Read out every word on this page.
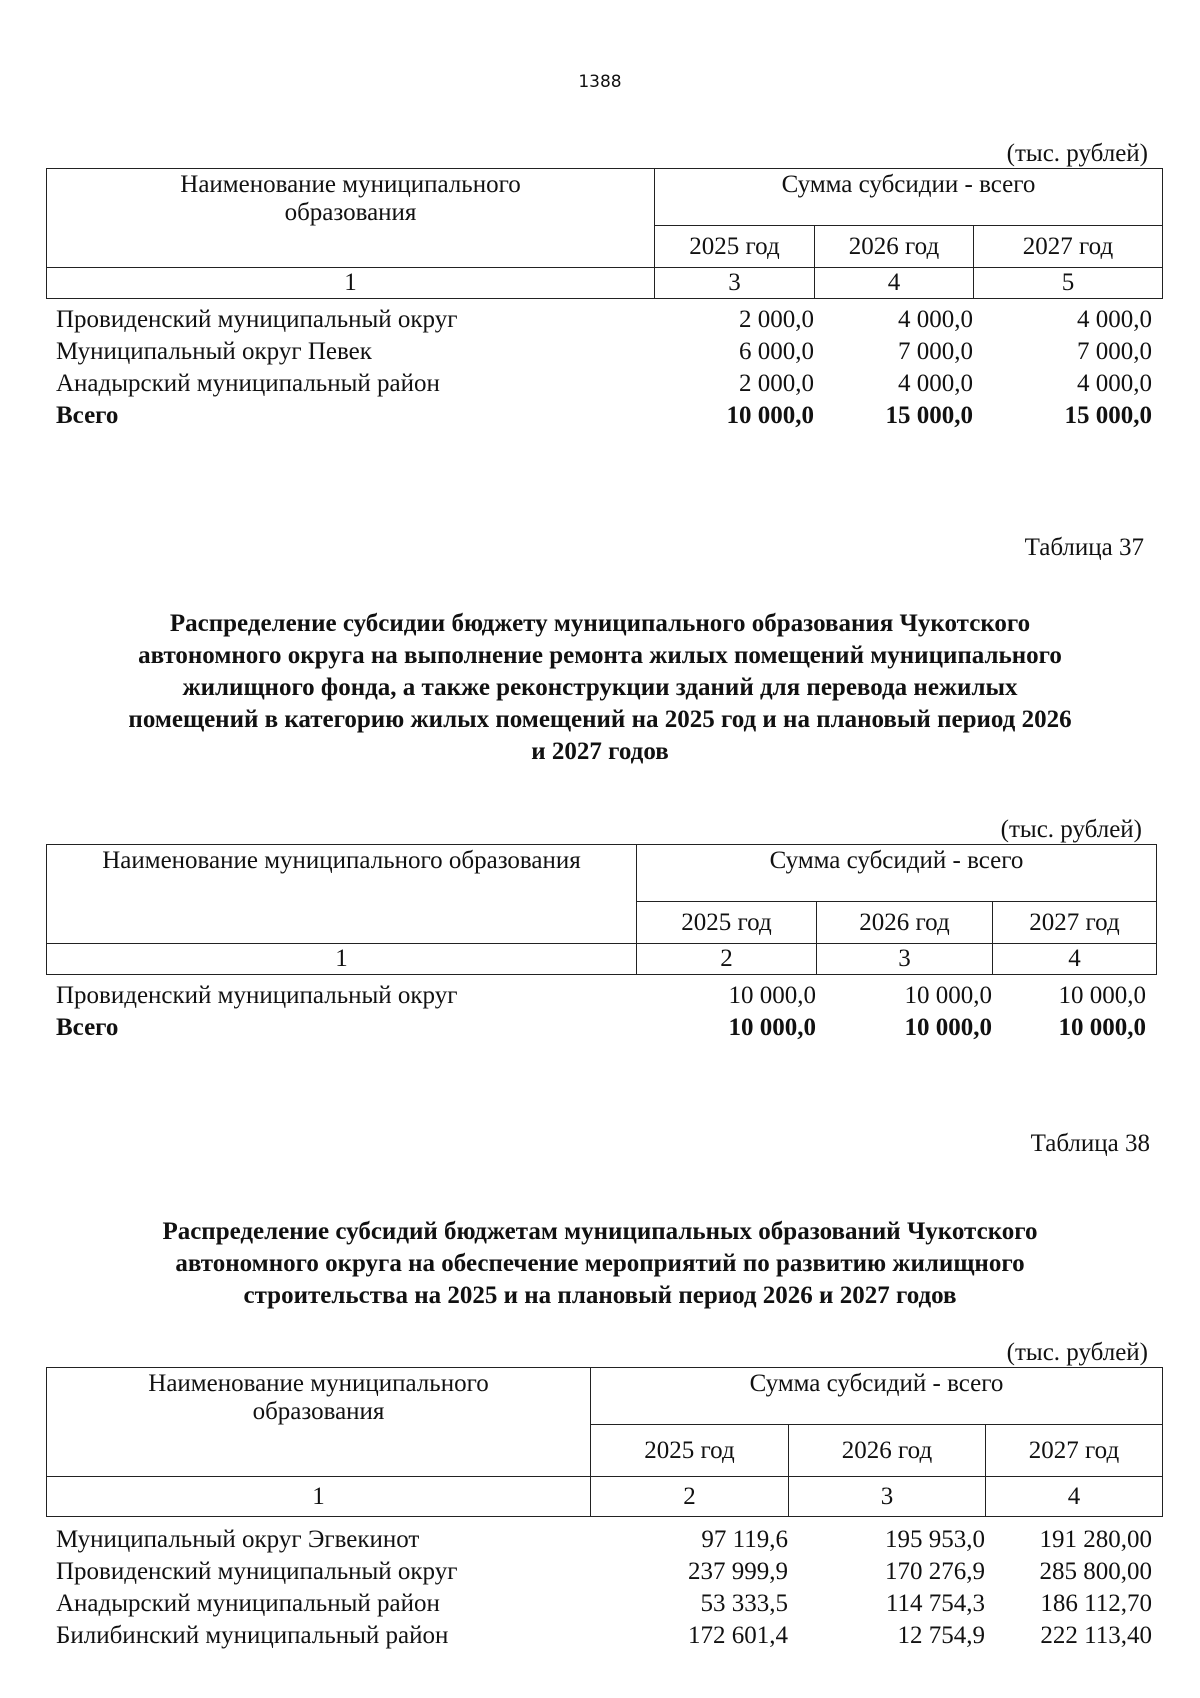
1388
(тыс. рублей)
Наименование муниципального образования	Сумма субсидии - всего		
	2025 год	2026 год	2027 год
1	3	4	5
Провиденский муниципальный округ	2 000,0	4 000,0	4 000,0
Муниципальный округ Певек	6 000,0	7 000,0	7 000,0
Анадырский муниципальный район	2 000,0	4 000,0	4 000,0
Всего	10 000,0	15 000,0	15 000,0
Таблица 37
Распределение субсидии бюджету муниципального образования Чукотского
автономного округа на выполнение ремонта жилых помещений муниципального
жилищного фонда, а также реконструкции зданий для перевода нежилых
помещений в категорию жилых помещений на 2025 год и на плановый период 2026
и 2027 годов
(тыс. рублей)
Наименование муниципального образования	Сумма субсидий - всего		
	2025 год	2026 год	2027 год
1	2	3	4
Провиденский муниципальный округ	10 000,0	10 000,0	10 000,0
Всего	10 000,0	10 000,0	10 000,0
Таблица 38
Распределение субсидий бюджетам муниципальных образований Чукотского
автономного округа на обеспечение мероприятий по развитию жилищного
строительства на 2025 и на плановый период 2026 и 2027 годов
(тыс. рублей)
Наименование муниципального образования	Сумма субсидий - всего		
	2025 год	2026 год	2027 год
1	2	3	4
Муниципальный округ Эгвекинот	97 119,6	195 953,0	191 280,00
Провиденский муниципальный округ	237 999,9	170 276,9	285 800,00
Анадырский муниципальный район	53 333,5	114 754,3	186 112,70
Билибинский муниципальный район	172 601,4	12 754,9	222 113,40
